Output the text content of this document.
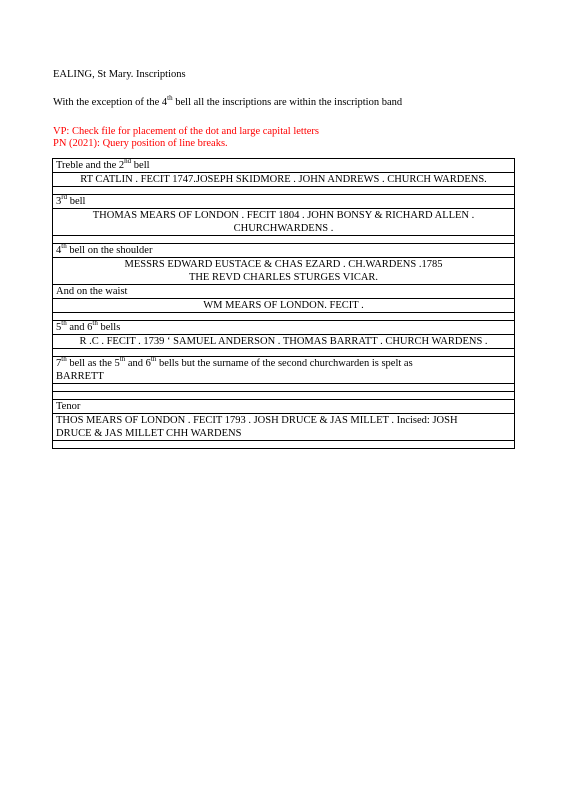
EALING, St Mary. Inscriptions
With the exception of the 4th bell all the inscriptions are within the inscription band
VP: Check file for placement of the dot and large capital letters
PN (2021): Query position of line breaks.
Treble and the 2nd bell
RT CATLIN . FECIT 1747.JOSEPH SKIDMORE . JOHN ANDREWS . CHURCH WARDENS.

3rd bell

THOMAS MEARS OF LONDON . FECIT 1804 . JOHN BONSY & RICHARD ALLEN .
CHURCHWARDENS .

4th bell on the shoulder

MESSRS EDWARD EUSTACE & CHAS EZARD . CH.WARDENS .1785
THE REVD CHARLES STURGES VICAR.

And on the waist
WM MEARS OF LONDON. FECIT .

5th and 6th bells
R .C . FECIT . 1739 ‘ SAMUEL ANDERSON . THOMAS BARRATT . CHURCH WARDENS .

7th bell as the 5th and 6th bells but the surname of the second churchwarden is spelt as
BARRETT

Tenor

THOS MEARS OF LONDON . FECIT 1793 . JOSH DRUCE & JAS MILLET . Incised: JOSH
DRUCE & JAS MILLET CHH WARDENS
